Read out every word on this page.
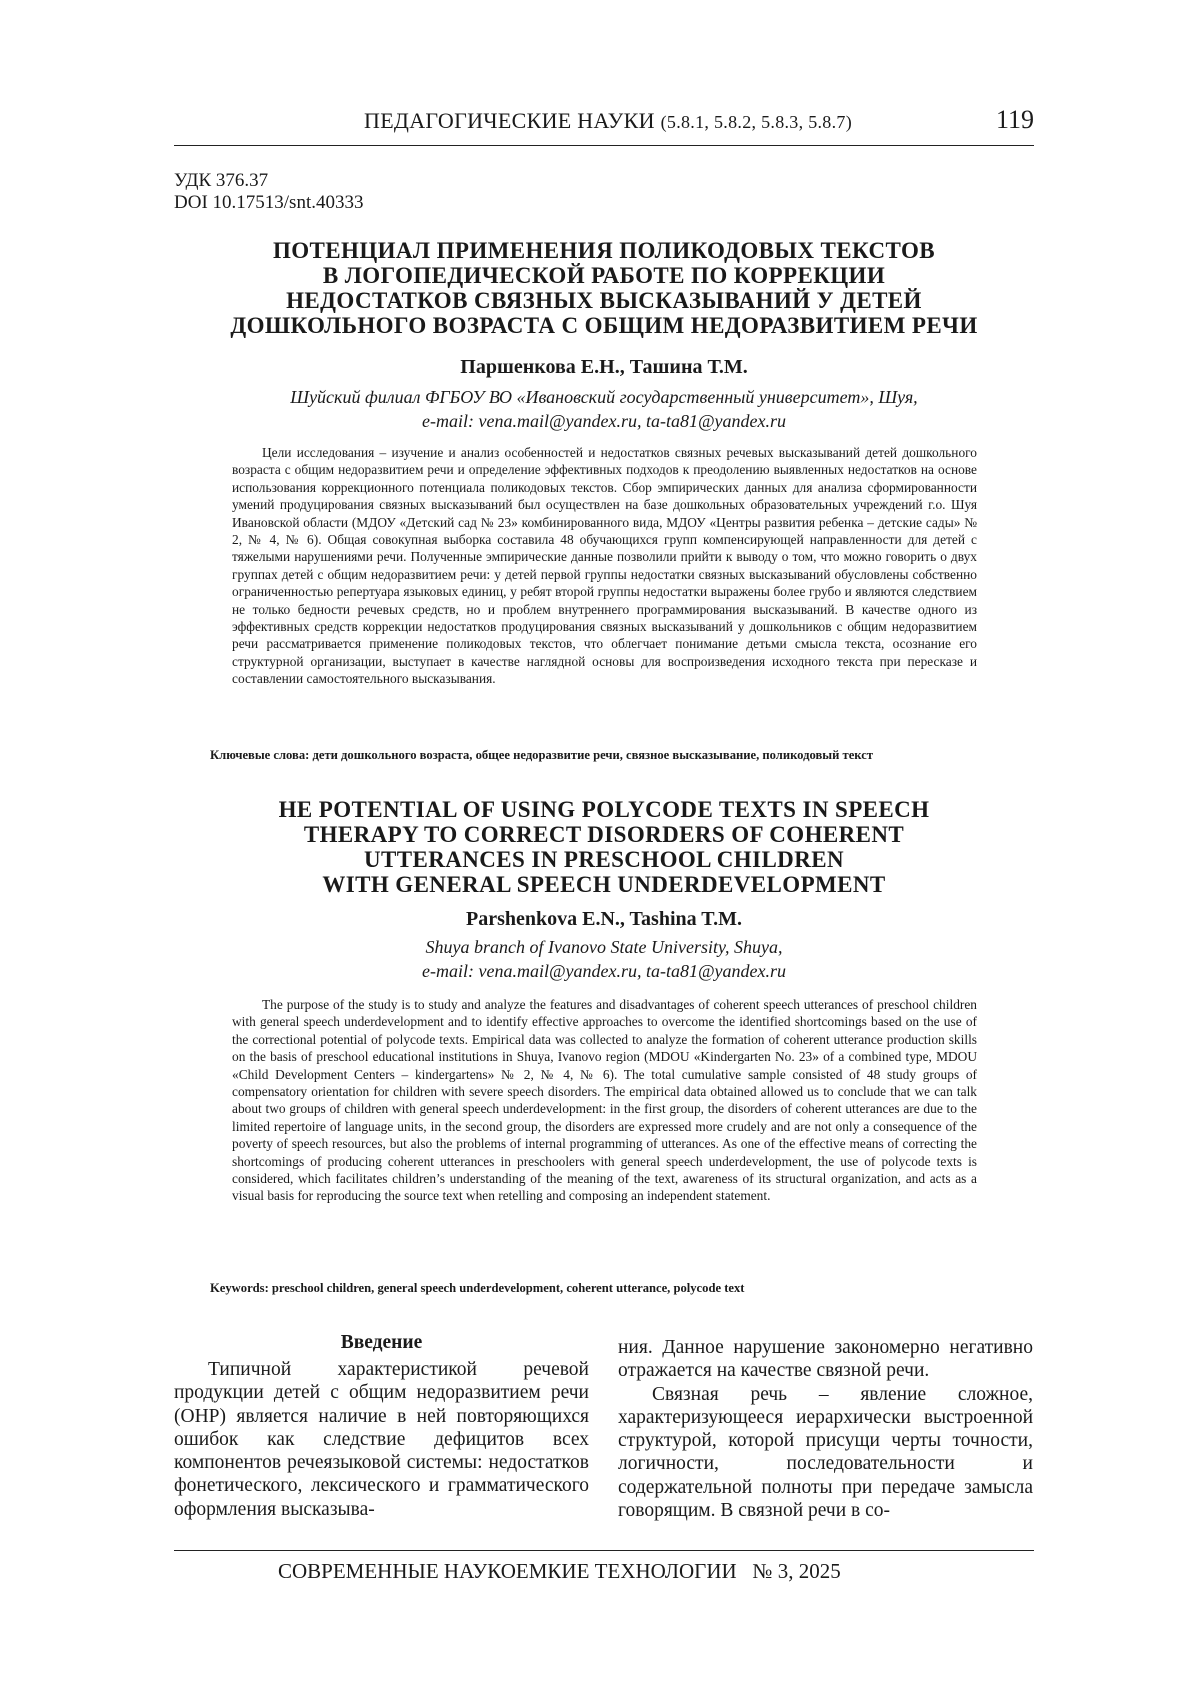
ПЕДАГОГИЧЕСКИЕ НАУКИ (5.8.1, 5.8.2, 5.8.3, 5.8.7)	119
УДК 376.37
DOI 10.17513/snt.40333
ПОТЕНЦИАЛ ПРИМЕНЕНИЯ ПОЛИКОДОВЫХ ТЕКСТОВ
В ЛОГОПЕДИЧЕСКОЙ РАБОТЕ ПО КОРРЕКЦИИ
НЕДОСТАТКОВ СВЯЗНЫХ ВЫСКАЗЫВАНИЙ У ДЕТЕЙ
ДОШКОЛЬНОГО ВОЗРАСТА С ОБЩИМ НЕДОРАЗВИТИЕМ РЕЧИ
Паршенкова Е.Н., Ташина Т.М.
Шуйский филиал ФГБОУ ВО «Ивановский государственный университет», Шуя,
e-mail: vena.mail@yandex.ru, ta-ta81@yandex.ru

Цели исследования – изучение и анализ особенностей и недостатков связных речевых высказываний детей дошкольного возраста с общим недоразвитием речи и определение эффективных подходов к преодолению выявленных недостатков на основе использования коррекционного потенциала поликодовых текстов. Сбор эмпирических данных для анализа сформированности умений продуцирования связных высказываний был осуществлен на базе дошкольных образовательных учреждений г.о. Шуя Ивановской области (МДОУ «Детский сад № 23» комбинированного вида, МДОУ «Центры развития ребенка – детские сады» № 2, № 4, № 6). Общая совокупная выборка составила 48 обучающихся групп компенсирующей направленности для детей с тяжелыми нарушениями речи. Полученные эмпирические данные позволили прийти к выводу о том, что можно говорить о двух группах детей с общим недоразвитием речи: у детей первой группы недостатки связных высказываний обусловлены собственно ограниченностью репертуара языковых единиц, у ребят второй группы недостатки выражены более грубо и являются следствием не только бедности речевых средств, но и проблем внутреннего программирования высказываний. В качестве одного из эффективных средств коррекции недостатков продуцирования связных высказываний у дошкольников с общим недоразвитием речи рассматривается применение поликодовых текстов, что облегчает понимание детьми смысла текста, осознание его структурной организации, выступает в качестве наглядной основы для воспроизведения исходного текста при пересказе и составлении самостоятельного высказывания.

Ключевые слова: дети дошкольного возраста, общее недоразвитие речи, связное высказывание, поликодовый текст
HE POTENTIAL OF USING POLYCODE TEXTS IN SPEECH
THERAPY TO CORRECT DISORDERS OF COHERENT
UTTERANCES IN PRESCHOOL CHILDREN
WITH GENERAL SPEECH UNDERDEVELOPMENT
Parshenkova E.N., Tashina T.M.
Shuya branch of Ivanovo State University, Shuya,
e-mail: vena.mail@yandex.ru, ta-ta81@yandex.ru

The purpose of the study is to study and analyze the features and disadvantages of coherent speech utterances of preschool children with general speech underdevelopment and to identify effective approaches to overcome the identified shortcomings based on the use of the correctional potential of polycode texts. Empirical data was collected to analyze the formation of coherent utterance production skills on the basis of preschool educational institutions in Shuya, Ivanovo region (MDOU «Kindergarten No. 23» of a combined type, MDOU «Child Development Centers – kindergartens» № 2, № 4, № 6). The total cumulative sample consisted of 48 study groups of compensatory orientation for children with severe speech disorders. The empirical data obtained allowed us to conclude that we can talk about two groups of children with general speech underdevelopment: in the first group, the disorders of coherent utterances are due to the limited repertoire of language units, in the second group, the disorders are expressed more crudely and are not only a consequence of the poverty of speech resources, but also the problems of internal programming of utterances. As one of the effective means of correcting the shortcomings of producing coherent utterances in preschoolers with general speech underdevelopment, the use of polycode texts is considered, which facilitates children’s understanding of the meaning of the text, awareness of its structural organization, and acts as a visual basis for reproducing the source text when retelling and composing an independent statement.

Keywords: preschool children, general speech underdevelopment, coherent utterance, polycode text
Введение

Типичной характеристикой речевой продукции детей с общим недоразвитием речи (ОНР) является наличие в ней повторяющихся ошибок как следствие дефицитов всех компонентов речеязыковой системы: недостатков фонетического, лексического и грамматического оформления высказыва-

ния. Данное нарушение закономерно негативно отражается на качестве связной речи.

Связная речь – явление сложное, характеризующееся иерархически выстроенной структурой, которой присущи черты точности, логичности, последовательности и содержательной полноты при передаче замысла говорящим. В связной речи в со-

СОВРЕМЕННЫЕ НАУКОЕМКИЕ ТЕХНОЛОГИИ № 3, 2025
